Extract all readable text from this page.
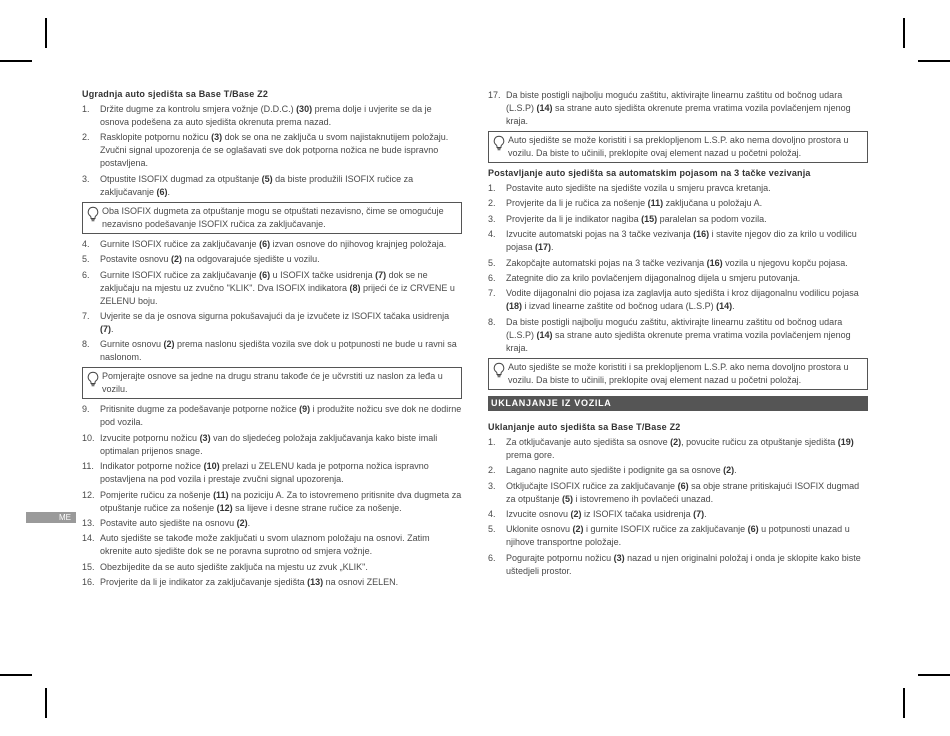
ME
Ugradnja auto sjedišta sa Base T/Base Z2
1.	Držite dugme za kontrolu smjera vožnje (D.D.C.) (30) prema dolje i uvjerite se da je osnova podešena za auto sjedišta okrenuta prema nazad.
2.	Rasklopite potpornu nožicu (3) dok se ona ne zaključa u svom najistaknutijem položaju. Zvučni signal upozorenja će se oglašavati sve dok potporna nožica ne bude ispravno postavljena.
3.	Otpustite ISOFIX dugmad za otpuštanje (5) da biste produžili ISOFIX ručice za zaključavanje (6).
Oba ISOFIX dugmeta za otpuštanje mogu se otpuštati nezavisno, čime se omogućuje nezavisno podešavanje ISOFIX ručica za zaključavanje.
4.	Gurnite ISOFIX ručice za zaključavanje (6) izvan osnove do njihovog krajnjeg položaja.
5.	Postavite osnovu (2) na odgovarajuće sjedište u vozilu.
6.	Gurnite ISOFIX ručice za zaključavanje (6) u ISOFIX tačke usidrenja (7) dok se ne zaključaju na mjestu uz zvučno "KLIK". Dva ISOFIX indikatora (8) prijeći će iz CRVENE u ZELENU boju.
7.	Uvjerite se da je osnova sigurna pokušavajući da je izvučete iz ISOFIX tačaka usidrenja (7).
8.	Gurnite osnovu (2) prema naslonu sjedišta vozila sve dok u potpunosti ne bude u ravni sa naslonom.
Pomjerajte osnove sa jedne na drugu stranu takođe će je učvrstiti uz naslon za leđa u vozilu.
9.	Pritisnite dugme za podešavanje potporne nožice (9) i produžite nožicu sve dok ne dodirne pod vozila.
10. Izvucite potpornu nožicu (3) van do sljedećeg položaja zaključavanja kako biste imali optimalan prijenos snage.
11. Indikator potporne nožice (10) prelazi u ZELENU kada je potporna nožica ispravno postavljena na pod vozila i prestaje zvučni signal upozorenja.
12. Pomjerite ručicu za nošenje (11) na poziciju A. Za to istovremeno pritisnite dva dugmeta za otpuštanje ručice za nošenje (12) sa lijeve i desne strane ručice za nošenje.
13. Postavite auto sjedište na osnovu (2).
14. Auto sjedište se takođe može zaključati u svom ulaznom položaju na osnovi. Zatim okrenite auto sjedište dok se ne poravna suprotno od smjera vožnje.
15. Obezbijedite da se auto sjedište zaključa na mjestu uz zvuk „KLIK".
16. Provjerite da li je indikator za zaključavanje sjedišta (13) na osnovi ZELEN.
17. Da biste postigli najbolju moguću zaštitu, aktivirajte linearnu zaštitu od bočnog udara (L.S.P) (14) sa strane auto sjedišta okrenute prema vratima vozila povlačenjem njenog kraja.
Auto sjedište se može koristiti i sa preklopljenom L.S.P. ako nema dovoljno prostora u vozilu. Da biste to učinili, preklopite ovaj element nazad u početni položaj.
Postavljanje auto sjedišta sa automatskim pojasom na 3 tačke vezivanja
1.	Postavite auto sjedište na sjedište vozila u smjeru pravca kretanja.
2.	Provjerite da li je ručica za nošenje (11) zaključana u položaju A.
3.	Provjerite da li je indikator nagiba (15) paralelan sa podom vozila.
4.	Izvucite automatski pojas na 3 tačke vezivanja (16) i stavite njegov dio za krilo u vodilicu pojasa (17).
5.	Zakopčajte automatski pojas na 3 tačke vezivanja (16) vozila u njegovu kopču pojasa.
6.	Zategnite dio za krilo povlačenjem dijagonalnog dijela u smjeru putovanja.
7.	Vodite dijagonalni dio pojasa iza zaglavlja auto sjedišta i kroz dijagonalnu vodilicu pojasa (18) i izvad linearne zaštite od bočnog udara (L.S.P) (14).
8.	Da biste postigli najbolju moguću zaštitu, aktivirajte linearnu zaštitu od bočnog udara (L.S.P) (14) sa strane auto sjedišta okrenute prema vratima vozila povlačenjem njenog kraja.
Auto sjedište se može koristiti i sa preklopljenom L.S.P. ako nema dovoljno prostora u vozilu. Da biste to učinili, preklopite ovaj element nazad u početni položaj.
UKLANJANJE IZ VOZILA
Uklanjanje auto sjedišta sa Base T/Base Z2
1.	Za otključavanje auto sjedišta sa osnove (2), povucite ručicu za otpuštanje sjedišta (19) prema gore.
2.	Lagano nagnite auto sjedište i podignite ga sa osnove (2).
3.	Otključajte ISOFIX ručice za zaključavanje (6) sa obje strane pritiskajući ISOFIX dugmad za otpuštanje (5) i istovremeno ih povlačeći unazad.
4.	Izvucite osnovu (2) iz ISOFIX tačaka usidrenja (7).
5.	Uklonite osnovu (2) i gurnite ISOFIX ručice za zaključavanje (6) u potpunosti unazad u njihove transportne položaje.
6.	Pogurajte potpornu nožicu (3) nazad u njen originalni položaj i onda je sklopite kako biste uštedjeli prostor.
